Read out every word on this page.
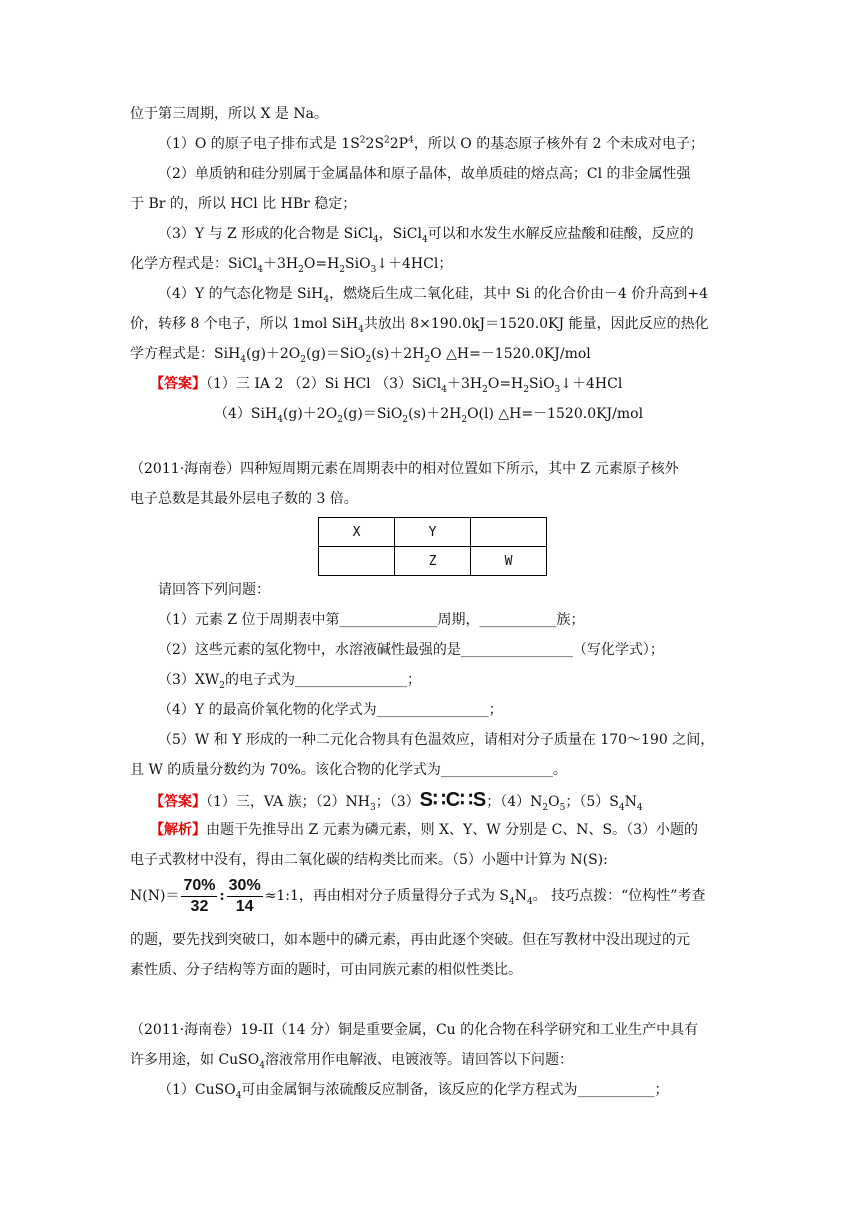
位于第三周期，所以 X 是 Na。
（1）O 的原子电子排布式是 $1S^22S^22P^4$，所以 O 的基态原子核外有 2 个未成对电子；
（2）单质钠和硅分别属于金属晶体和原子晶体，故单质硅的熔点高；Cl 的非金属性强
于 Br 的，所以 HCl 比 HBr 稳定；
（3）Y 与 Z 形成的化合物是 SiCl$_4$，SiCl$_4$可以和水发生水解反应盐酸和硅酸，反应的
化学方程式是：$SiCl_4+3H_2O=H_2SiO_3↓+4HCl$；
（4）Y 的气态化物是 SiH$_4$，燃烧后生成二氧化硅，其中 Si 的化合价由－4 价升高到+4
价，转移 8 个电子，所以 1mol SiH$_4$共放出 8×190.0kJ＝1520.0KJ 能量，因此反应的热化
学方程式是：$SiH_4(g)+2O_2(g)=SiO_2(s)+2H_2O$ △H=－1520.0KJ/mol
【答案】（1）三 IA 2 （2）Si HCl $(3)SiCl_4+3H_2O=H_2SiO_3↓+4HCl$
$(4)SiH_4(g)+2O_2(g)=SiO_2(s)+2H_2O(l)$ △H=－1520.0KJ/mol
（2011·海南卷）四种短周期元素在周期表中的相对位置如下所示，其中 Z 元素原子核外
电子总数是其最外层电子数的 3 倍。
X	Y	
	Z	W
请回答下列问题：
（1）元素 Z 位于周期表中第______________周期，___________族；
（2）这些元素的氢化物中，水溶液碱性最强的是________________（写化学式）；
$(3)XW_2$的电子式为________________；
（4）Y 的最高价氧化物的化学式为________________；
（5）W 和 Y 形成的一种二元化合物具有色温效应，请相对分子质量在 170～190 之间，
且 W 的质量分数约为 70%。该化合物的化学式为________________。
【答案】（1）三，VA 族；$(2)NH_3$；（3）S∷C∷S；$(4)N_2O_5$；$(5)S_4N_4$
【解析】由题干先推导出 Z 元素为磷元素，则 X、Y、W 分别是 C、N、S。（3）小题的
电子式教材中没有，得由二氧化碳的结构类比而来。（5）小题中计算为 N(S):
$N(N)= \frac{70\%}{32}$ : $\frac{30\%}{14}$ ≈1:1，再由相对分子质量得分子式为 $S_4N_4$。 技巧点拨：“位构性”考查
的题，要先找到突破口，如本题中的磷元素，再由此逐个突破。但在写教材中没出现过的元
素性质、分子结构等方面的题时，可由同族元素的相似性类比。
（2011·海南卷）19-II（14 分）铜是重要金属，Cu 的化合物在科学研究和工业生产中具有
许多用途，如 CuSO$_4$溶液常用作电解液、电镀液等。请回答以下问题：
（1）CuSO$_4$可由金属铜与浓硫酸反应制备，该反应的化学方程式为___________；
